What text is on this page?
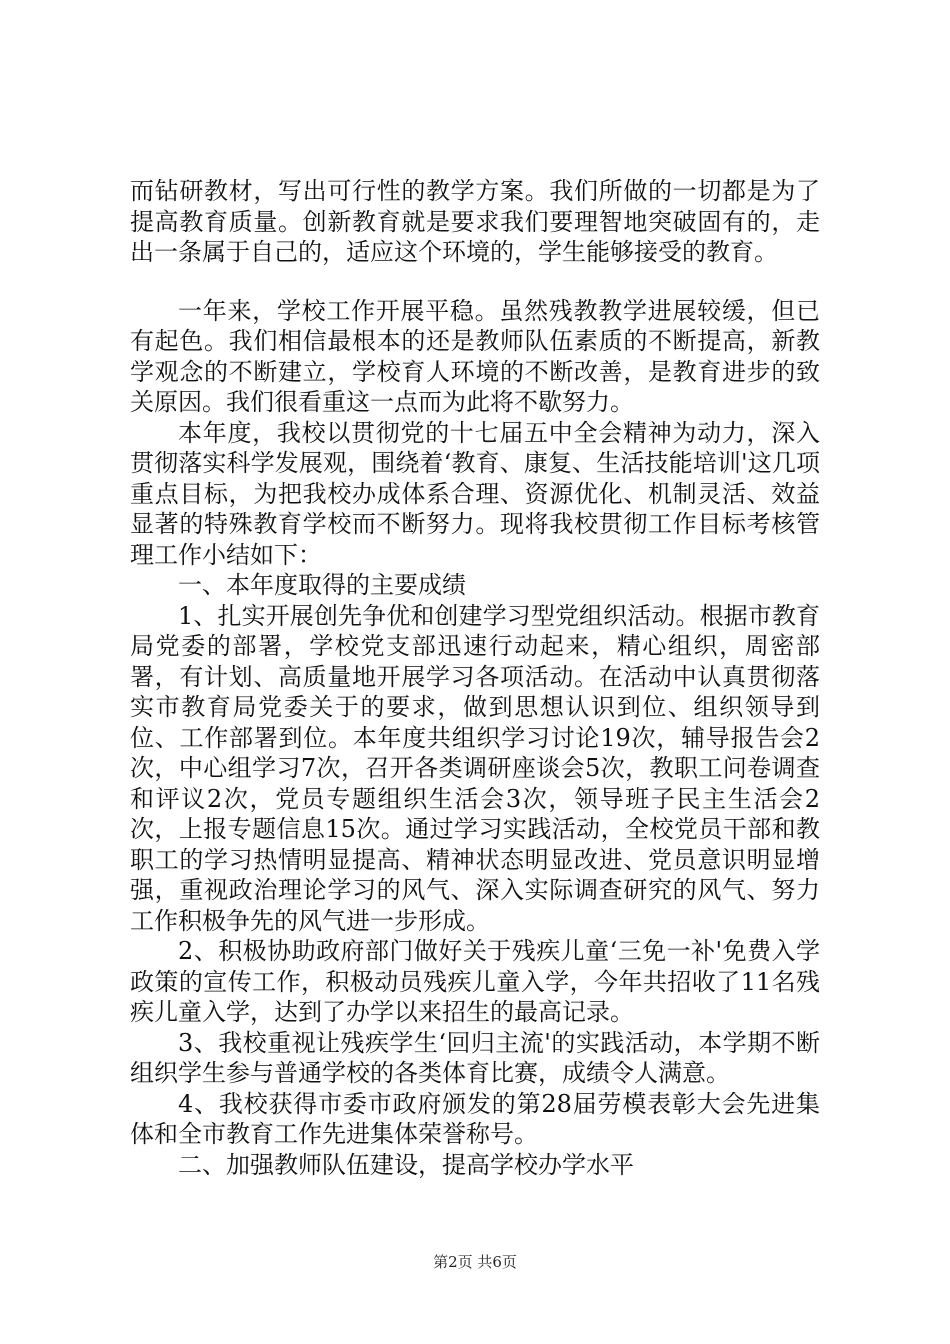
而钻研教材，写出可行性的教学方案。我们所做的一切都是为了提高教育质量。创新教育就是要求我们要理智地突破固有的，走出一条属于自己的，适应这个环境的，学生能够接受的教育。

一年来，学校工作开展平稳。虽然残教教学进展较缓，但已有起色。我们相信最根本的还是教师队伍素质的不断提高，新教学观念的不断建立，学校育人环境的不断改善，是教育进步的致关原因。我们很看重这一点而为此将不歇努力。

本年度，我校以贯彻党的十七届五中全会精神为动力，深入贯彻落实科学发展观，围绕着‘教育、康复、生活技能培训'这几项重点目标，为把我校办成体系合理、资源优化、机制灵活、效益显著的特殊教育学校而不断努力。现将我校贯彻工作目标考核管理工作小结如下：

一、本年度取得的主要成绩

1、扎实开展创先争优和创建学习型党组织活动。根据市教育局党委的部署，学校党支部迅速行动起来，精心组织，周密部署，有计划、高质量地开展学习各项活动。在活动中认真贯彻落实市教育局党委关于的要求，做到思想认识到位、组织领导到位、工作部署到位。本年度共组织学习讨论19次，辅导报告会2次，中心组学习7次，召开各类调研座谈会5次，教职工问卷调查和评议2次，党员专题组织生活会3次，领导班子民主生活会2次，上报专题信息15次。通过学习实践活动，全校党员干部和教职工的学习热情明显提高、精神状态明显改进、党员意识明显增强，重视政治理论学习的风气、深入实际调查研究的风气、努力工作积极争先的风气进一步形成。

2、积极协助政府部门做好关于残疾儿童‘三免一补'免费入学政策的宣传工作，积极动员残疾儿童入学，今年共招收了11名残疾儿童入学，达到了办学以来招生的最高记录。

3、我校重视让残疾学生‘回归主流'的实践活动，本学期不断组织学生参与普通学校的各类体育比赛，成绩令人满意。

4、我校获得市委市政府颁发的第28届劳模表彰大会先进集体和全市教育工作先进集体荣誉称号。

二、加强教师队伍建设，提高学校办学水平

第2页 共6页
